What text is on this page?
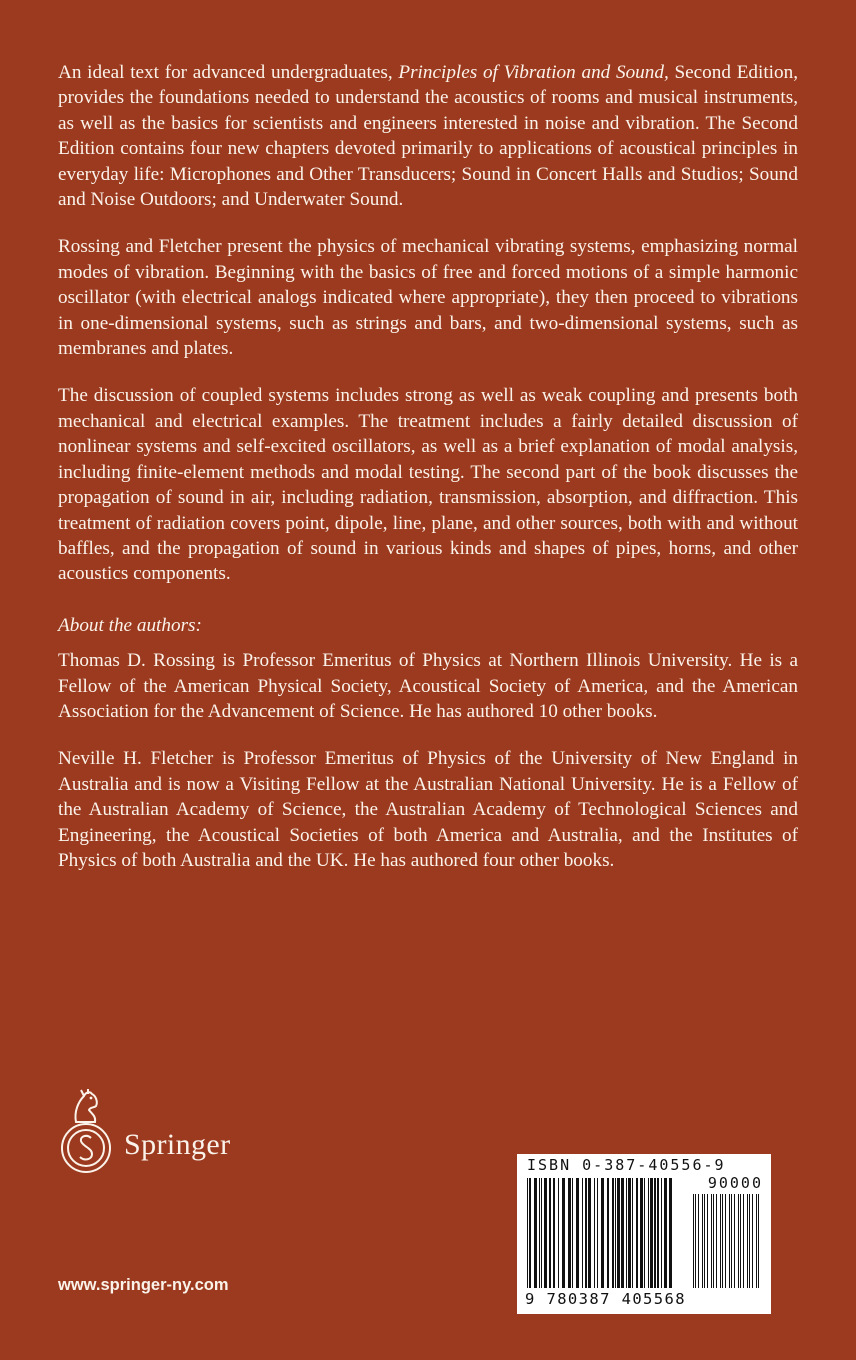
An ideal text for advanced undergraduates, Principles of Vibration and Sound, Second Edition, provides the foundations needed to understand the acoustics of rooms and musical instruments, as well as the basics for scientists and engineers interested in noise and vibration. The Second Edition contains four new chapters devoted primarily to applications of acoustical principles in everyday life: Microphones and Other Transducers; Sound in Concert Halls and Studios; Sound and Noise Outdoors; and Underwater Sound.

Rossing and Fletcher present the physics of mechanical vibrating systems, emphasizing normal modes of vibration. Beginning with the basics of free and forced motions of a simple harmonic oscillator (with electrical analogs indicated where appropriate), they then proceed to vibrations in one-dimensional systems, such as strings and bars, and two-dimensional systems, such as membranes and plates.

The discussion of coupled systems includes strong as well as weak coupling and presents both mechanical and electrical examples. The treatment includes a fairly detailed discussion of nonlinear systems and self-excited oscillators, as well as a brief explanation of modal analysis, including finite-element methods and modal testing. The second part of the book discusses the propagation of sound in air, including radiation, transmission, absorption, and diffraction. This treatment of radiation covers point, dipole, line, plane, and other sources, both with and without baffles, and the propagation of sound in various kinds and shapes of pipes, horns, and other acoustics components.

About the authors:

Thomas D. Rossing is Professor Emeritus of Physics at Northern Illinois University. He is a Fellow of the American Physical Society, Acoustical Society of America, and the American Association for the Advancement of Science. He has authored 10 other books.

Neville H. Fletcher is Professor Emeritus of Physics of the University of New England in Australia and is now a Visiting Fellow at the Australian National University. He is a Fellow of the Australian Academy of Science, the Australian Academy of Technological Sciences and Engineering, the Acoustical Societies of both America and Australia, and the Institutes of Physics of both Australia and the UK. He has authored four other books.

Springer
www.springer-ny.com
ISBN 0-387-40556-9
90000
9 780387 405568
